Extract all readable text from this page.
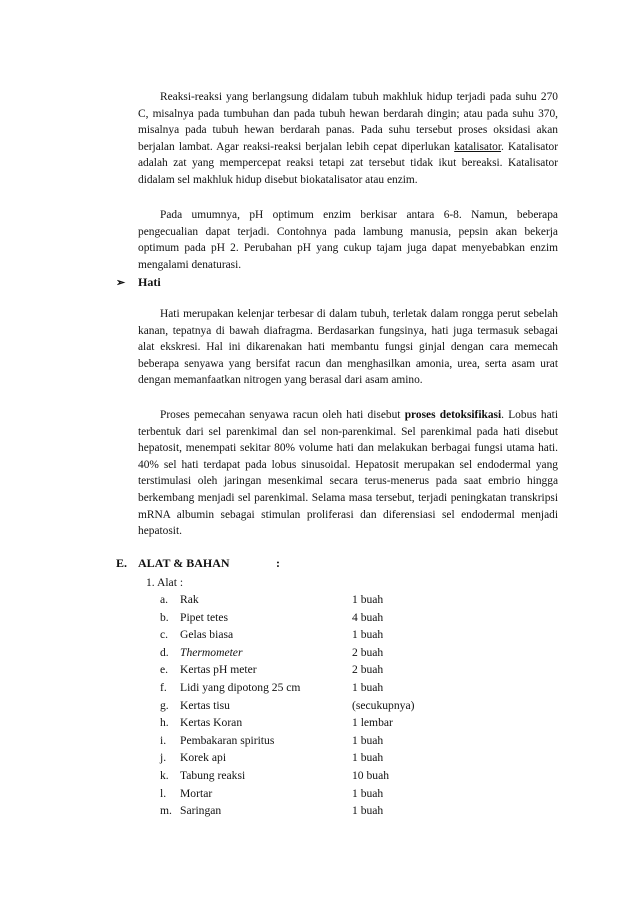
Reaksi-reaksi yang berlangsung didalam tubuh makhluk hidup terjadi pada suhu 270 C, misalnya pada tumbuhan dan pada tubuh hewan berdarah dingin; atau pada suhu 370, misalnya pada tubuh hewan berdarah panas. Pada suhu tersebut proses oksidasi akan berjalan lambat. Agar reaksi-reaksi berjalan lebih cepat diperlukan katalisator. Katalisator adalah zat yang mempercepat reaksi tetapi zat tersebut tidak ikut bereaksi. Katalisator didalam sel makhluk hidup disebut biokatalisator atau enzim.

Pada umumnya, pH optimum enzim berkisar antara 6-8. Namun, beberapa pengecualian dapat terjadi. Contohnya pada lambung manusia, pepsin akan bekerja optimum pada pH 2. Perubahan pH yang cukup tajam juga dapat menyebabkan enzim mengalami denaturasi.

➢ Hati

Hati merupakan kelenjar terbesar di dalam tubuh, terletak dalam rongga perut sebelah kanan, tepatnya di bawah diafragma. Berdasarkan fungsinya, hati juga termasuk sebagai alat ekskresi. Hal ini dikarenakan hati membantu fungsi ginjal dengan cara memecah beberapa senyawa yang bersifat racun dan menghasilkan amonia, urea, serta asam urat dengan memanfaatkan nitrogen yang berasal dari asam amino.

Proses pemecahan senyawa racun oleh hati disebut proses detoksifikasi. Lobus hati terbentuk dari sel parenkimal dan sel non-parenkimal. Sel parenkimal pada hati disebut hepatosit, menempati sekitar 80% volume hati dan melakukan berbagai fungsi utama hati. 40% sel hati terdapat pada lobus sinusoidal. Hepatosit merupakan sel endodermal yang terstimulasi oleh jaringan mesenkimal secara terus-menerus pada saat embrio hingga berkembang menjadi sel parenkimal. Selama masa tersebut, terjadi peningkatan transkripsi mRNA albumin sebagai stimulan proliferasi dan diferensiasi sel endodermal menjadi hepatosit.

E. ALAT & BAHAN	:
1. Alat :
a. Rak	1 buah
b. Pipet tetes	4 buah
c. Gelas biasa	1 buah
d. Thermometer	2 buah
e. Kertas pH meter	2 buah
f. Lidi yang dipotong 25 cm	1 buah
g. Kertas tisu	(secukupnya)
h. Kertas Koran	1 lembar
i. Pembakaran spiritus	1 buah
j. Korek api	1 buah
k. Tabung reaksi	10 buah
l. Mortar	1 buah
m. Saringan	1 buah
